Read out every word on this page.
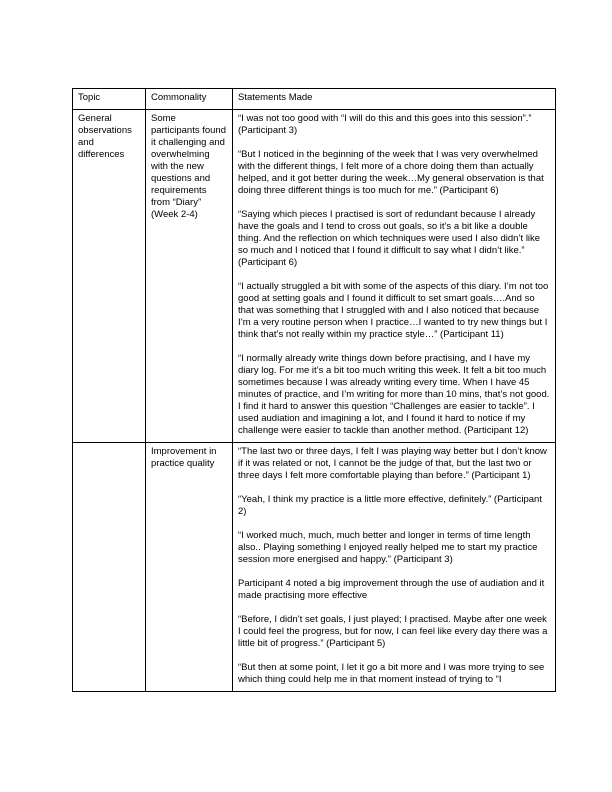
Topic	Commonality	Statements Made
General observations and differences	Some participants found it challenging and overwhelming with the new questions and requirements from “Diary” (Week 2-4)	“I was not too good with “I will do this and this goes into this session”.” (Participant 3)

“But I noticed in the beginning of the week that I was very overwhelmed with the different things, I felt more of a chore doing them than actually helped, and it got better during the week…My general observation is that doing three different things is too much for me.” (Participant 6)

“Saying which pieces I practised is sort of redundant because I already have the goals and I tend to cross out goals, so it’s a bit like a double thing. And the reflection on which techniques were used I also didn’t like so much and I noticed that I found it difficult to say what I didn’t like.” (Participant 6)

“I actually struggled a bit with some of the aspects of this diary. I’m not too good at setting goals and I found it difficult to set smart goals….And so that was something that I struggled with and I also noticed that because I’m a very routine person when I practice…I wanted to try new things but I think that’s not really within my practice style…” (Participant 11)

“I normally already write things down before practising, and I have my diary log. For me it’s a bit too much writing this week. It felt a bit too much sometimes because I was already writing every time. When I have 45 minutes of practice, and I’m writing for more than 10 mins, that’s not good. I find it hard to answer this question “Challenges are easier to tackle”. I used audiation and imagining a lot, and I found it hard to notice if my challenge were easier to tackle than another method. (Participant 12)

	Improvement in practice quality	

“The last two or three days, I felt I was playing way better but I don’t know if it was related or not, I cannot be the judge of that, but the last two or three days I felt more comfortable playing than before.” (Participant 1)

“Yeah, I think my practice is a little more effective, definitely.” (Participant 2)

“I worked much, much, much better and longer in terms of time length also.. Playing something I enjoyed really helped me to start my practice session more energised and happy.” (Participant 3)

Participant 4 noted a big improvement through the use of audiation and it made practising more effective

“Before, I didn’t set goals, I just played; I practised. Maybe after one week I could feel the progress, but for now, I can feel like every day there was a little bit of progress.” (Participant 5)

“But then at some point, I let it go a bit more and I was more trying to see which thing could help me in that moment instead of trying to “I
